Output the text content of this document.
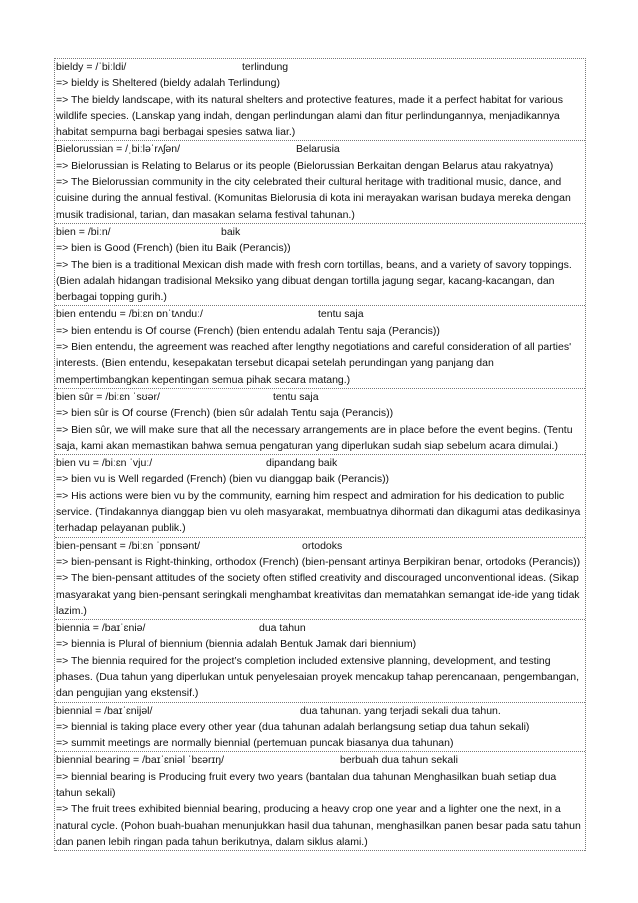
bieldy = /ˈbiːldi/	terlindung
=> bieldy is Sheltered (bieldy adalah Terlindung)
=> The bieldy landscape, with its natural shelters and protective features, made it a perfect habitat for various wildlife species. (Lanskap yang indah, dengan perlindungan alami dan fitur perlindungannya, menjadikannya habitat sempurna bagi berbagai spesies satwa liar.)
Bielorussian = /ˌbiːləˈrʌʃən/	Belarusia
=> Bielorussian is Relating to Belarus or its people (Bielorussian Berkaitan dengan Belarus atau rakyatnya)
=> The Bielorussian community in the city celebrated their cultural heritage with traditional music, dance, and cuisine during the annual festival. (Komunitas Bielorusia di kota ini merayakan warisan budaya mereka dengan musik tradisional, tarian, dan masakan selama festival tahunan.)
bien = /biːn/	baik
=> bien is Good (French) (bien itu Baik (Perancis))
=> The bien is a traditional Mexican dish made with fresh corn tortillas, beans, and a variety of savory toppings. (Bien adalah hidangan tradisional Meksiko yang dibuat dengan tortilla jagung segar, kacang-kacangan, dan berbagai topping gurih.)
bien entendu = /biːɛn ɒnˈtʌnduː/	tentu saja
=> bien entendu is Of course (French) (bien entendu adalah Tentu saja (Perancis))
=> Bien entendu, the agreement was reached after lengthy negotiations and careful consideration of all parties' interests. (Bien entendu, kesepakatan tersebut dicapai setelah perundingan yang panjang dan mempertimbangkan kepentingan semua pihak secara matang.)
bien sûr = /biːɛn ˈsʊər/	tentu saja
=> bien sûr is Of course (French) (bien sûr adalah Tentu saja (Perancis))
=> Bien sûr, we will make sure that all the necessary arrangements are in place before the event begins. (Tentu saja, kami akan memastikan bahwa semua pengaturan yang diperlukan sudah siap sebelum acara dimulai.)
bien vu = /biːɛn ˈvjuː/	dipandang baik
=> bien vu is Well regarded (French) (bien vu dianggap baik (Perancis))
=> His actions were bien vu by the community, earning him respect and admiration for his dedication to public service. (Tindakannya dianggap bien vu oleh masyarakat, membuatnya dihormati dan dikagumi atas dedikasinya terhadap pelayanan publik.)
bien-pensant = /biːɛn ˈpɒnsənt/	ortodoks
=> bien-pensant is Right-thinking, orthodox (French) (bien-pensant artinya Berpikiran benar, ortodoks (Perancis))
=> The bien-pensant attitudes of the society often stifled creativity and discouraged unconventional ideas. (Sikap masyarakat yang bien-pensant seringkali menghambat kreativitas dan mematahkan semangat ide-ide yang tidak lazim.)
biennia = /baɪˈɛniə/	dua tahun
=> biennia is Plural of biennium (biennia adalah Bentuk Jamak dari biennium)
=> The biennia required for the project’s completion included extensive planning, development, and testing phases. (Dua tahun yang diperlukan untuk penyelesaian proyek mencakup tahap perencanaan, pengembangan, dan pengujian yang ekstensif.)
biennial = /baɪˈɛnijəl/	dua tahunan. yang terjadi sekali dua tahun.
=> biennial is taking place every other year (dua tahunan adalah berlangsung setiap dua tahun sekali)
=> summit meetings are normally biennial (pertemuan puncak biasanya dua tahunan)
biennial bearing = /baɪˈɛniəl ˈbɛərɪŋ/	berbuah dua tahun sekali
=> biennial bearing is Producing fruit every two years (bantalan dua tahunan Menghasilkan buah setiap dua tahun sekali)
=> The fruit trees exhibited biennial bearing, producing a heavy crop one year and a lighter one the next, in a natural cycle. (Pohon buah-buahan menunjukkan hasil dua tahunan, menghasilkan panen besar pada satu tahun dan panen lebih ringan pada tahun berikutnya, dalam siklus alami.)
